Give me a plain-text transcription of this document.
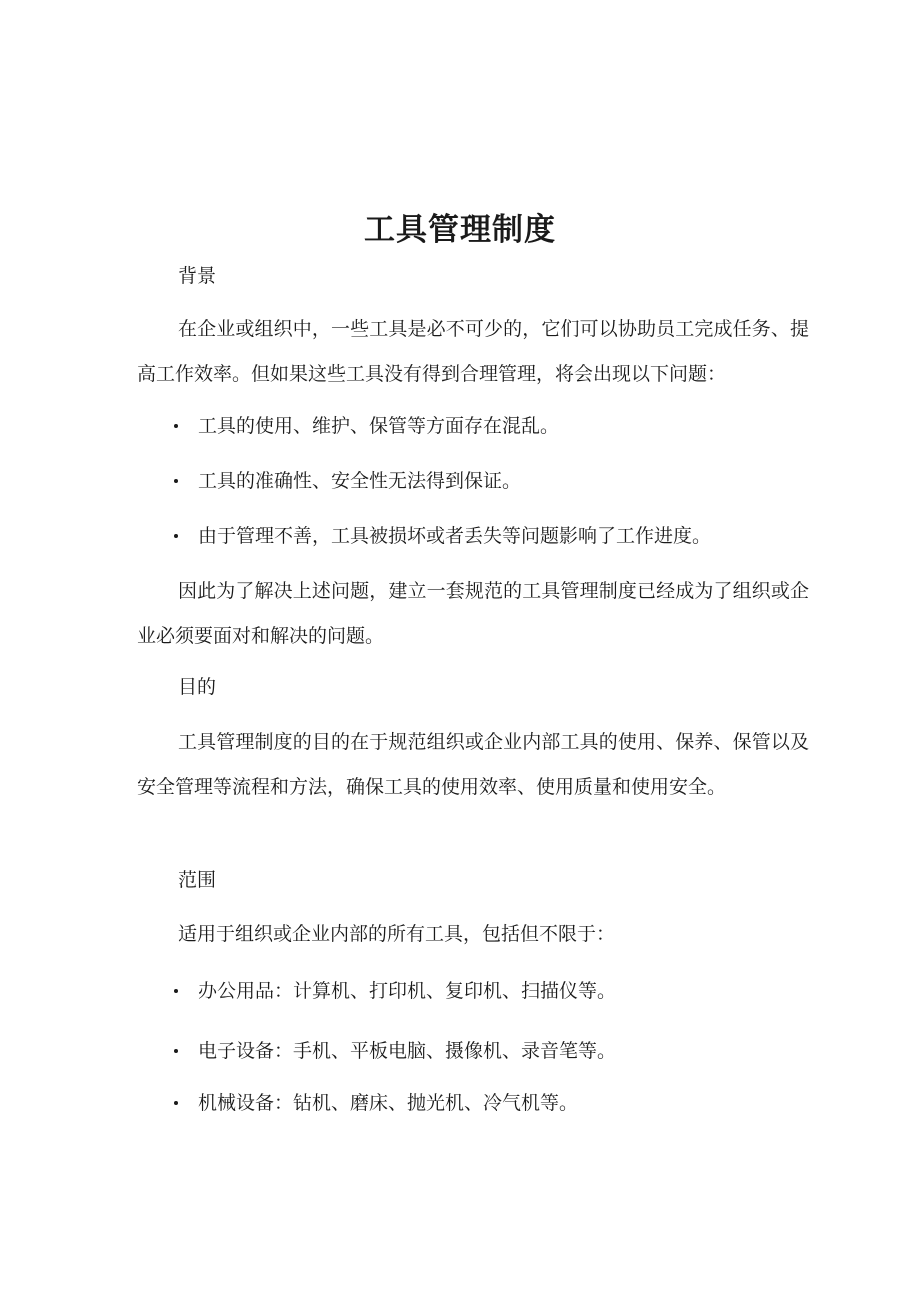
工具管理制度
背景

在企业或组织中，一些工具是必不可少的，它们可以协助员工完成任务、提高工作效率。但如果这些工具没有得到合理管理，将会出现以下问题：

工具的使用、维护、保管等方面存在混乱。
工具的准确性、安全性无法得到保证。
由于管理不善，工具被损坏或者丢失等问题影响了工作进度。

因此为了解决上述问题，建立一套规范的工具管理制度已经成为了组织或企业必须要面对和解决的问题。

目的

工具管理制度的目的在于规范组织或企业内部工具的使用、保养、保管以及安全管理等流程和方法，确保工具的使用效率、使用质量和使用安全。

范围

适用于组织或企业内部的所有工具，包括但不限于：

办公用品：计算机、打印机、复印机、扫描仪等。
电子设备：手机、平板电脑、摄像机、录音笔等。
机械设备：钻机、磨床、抛光机、冷气机等。
